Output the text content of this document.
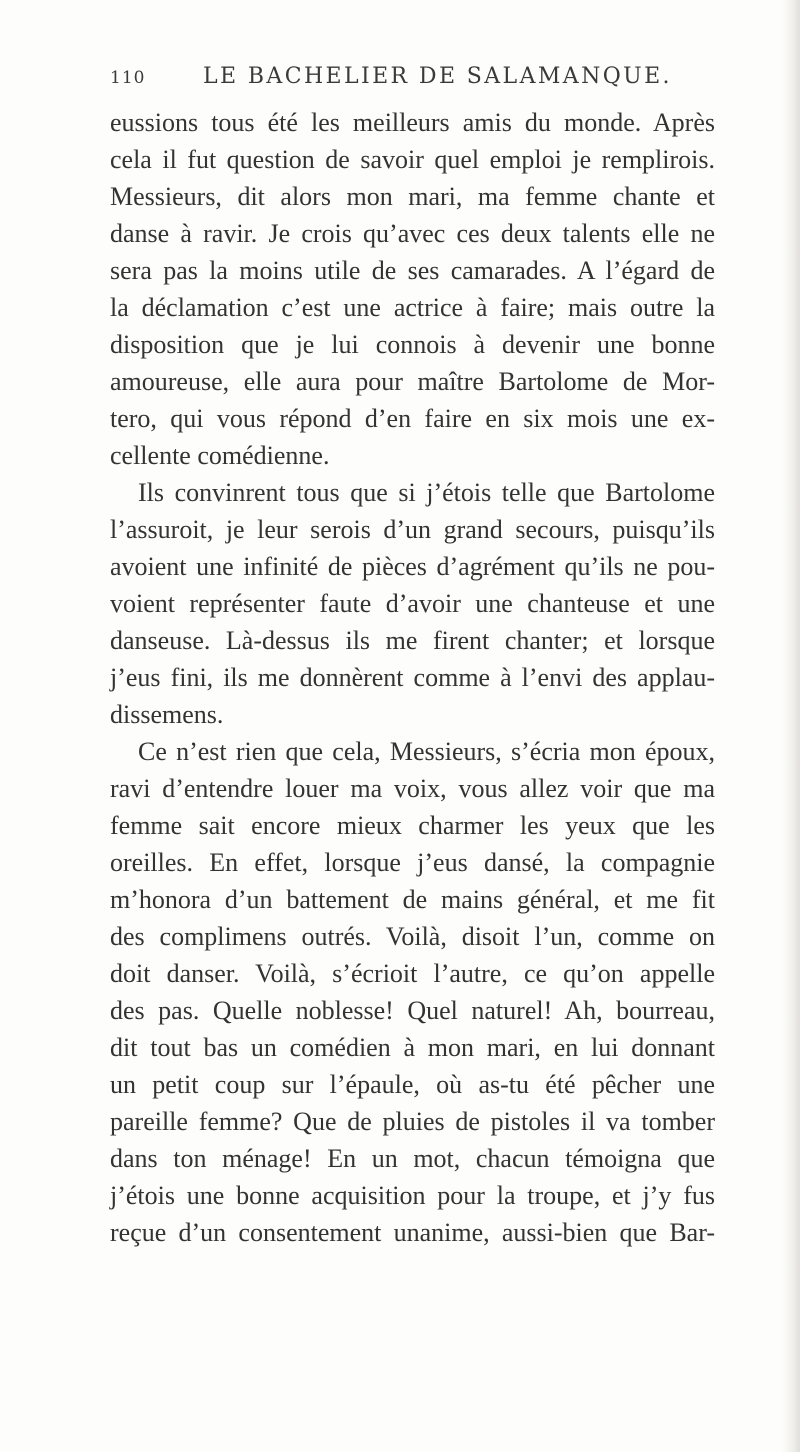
110	LE BACHELIER DE SALAMANQUE.
eussions tous été les meilleurs amis du monde. Après
cela il fut question de savoir quel emploi je remplirois.
Messieurs, dit alors mon mari, ma femme chante et
danse à ravir. Je crois qu’avec ces deux talents elle ne
sera pas la moins utile de ses camarades. A l’égard de
la déclamation c’est une actrice à faire; mais outre la
disposition que je lui connois à devenir une bonne
amoureuse, elle aura pour maître Bartolome de Mor-
tero, qui vous répond d’en faire en six mois une ex-
cellente comédienne.
Ils convinrent tous que si j’étois telle que Bartolome
l’assuroit, je leur serois d’un grand secours, puisqu’ils
avoient une infinité de pièces d’agrément qu’ils ne pou-
voient représenter faute d’avoir une chanteuse et une
danseuse. Là-dessus ils me firent chanter; et lorsque
j’eus fini, ils me donnèrent comme à l’envi des applau-
dissemens.
Ce n’est rien que cela, Messieurs, s’écria mon époux,
ravi d’entendre louer ma voix, vous allez voir que ma
femme sait encore mieux charmer les yeux que les
oreilles. En effet, lorsque j’eus dansé, la compagnie
m’honora d’un battement de mains général, et me fit
des complimens outrés. Voilà, disoit l’un, comme on
doit danser. Voilà, s’écrioit l’autre, ce qu’on appelle
des pas. Quelle noblesse! Quel naturel! Ah, bourreau,
dit tout bas un comédien à mon mari, en lui donnant
un petit coup sur l’épaule, où as-tu été pêcher une
pareille femme? Que de pluies de pistoles il va tomber
dans ton ménage! En un mot, chacun témoigna que
j’étois une bonne acquisition pour la troupe, et j’y fus
reçue d’un consentement unanime, aussi-bien que Bar-
